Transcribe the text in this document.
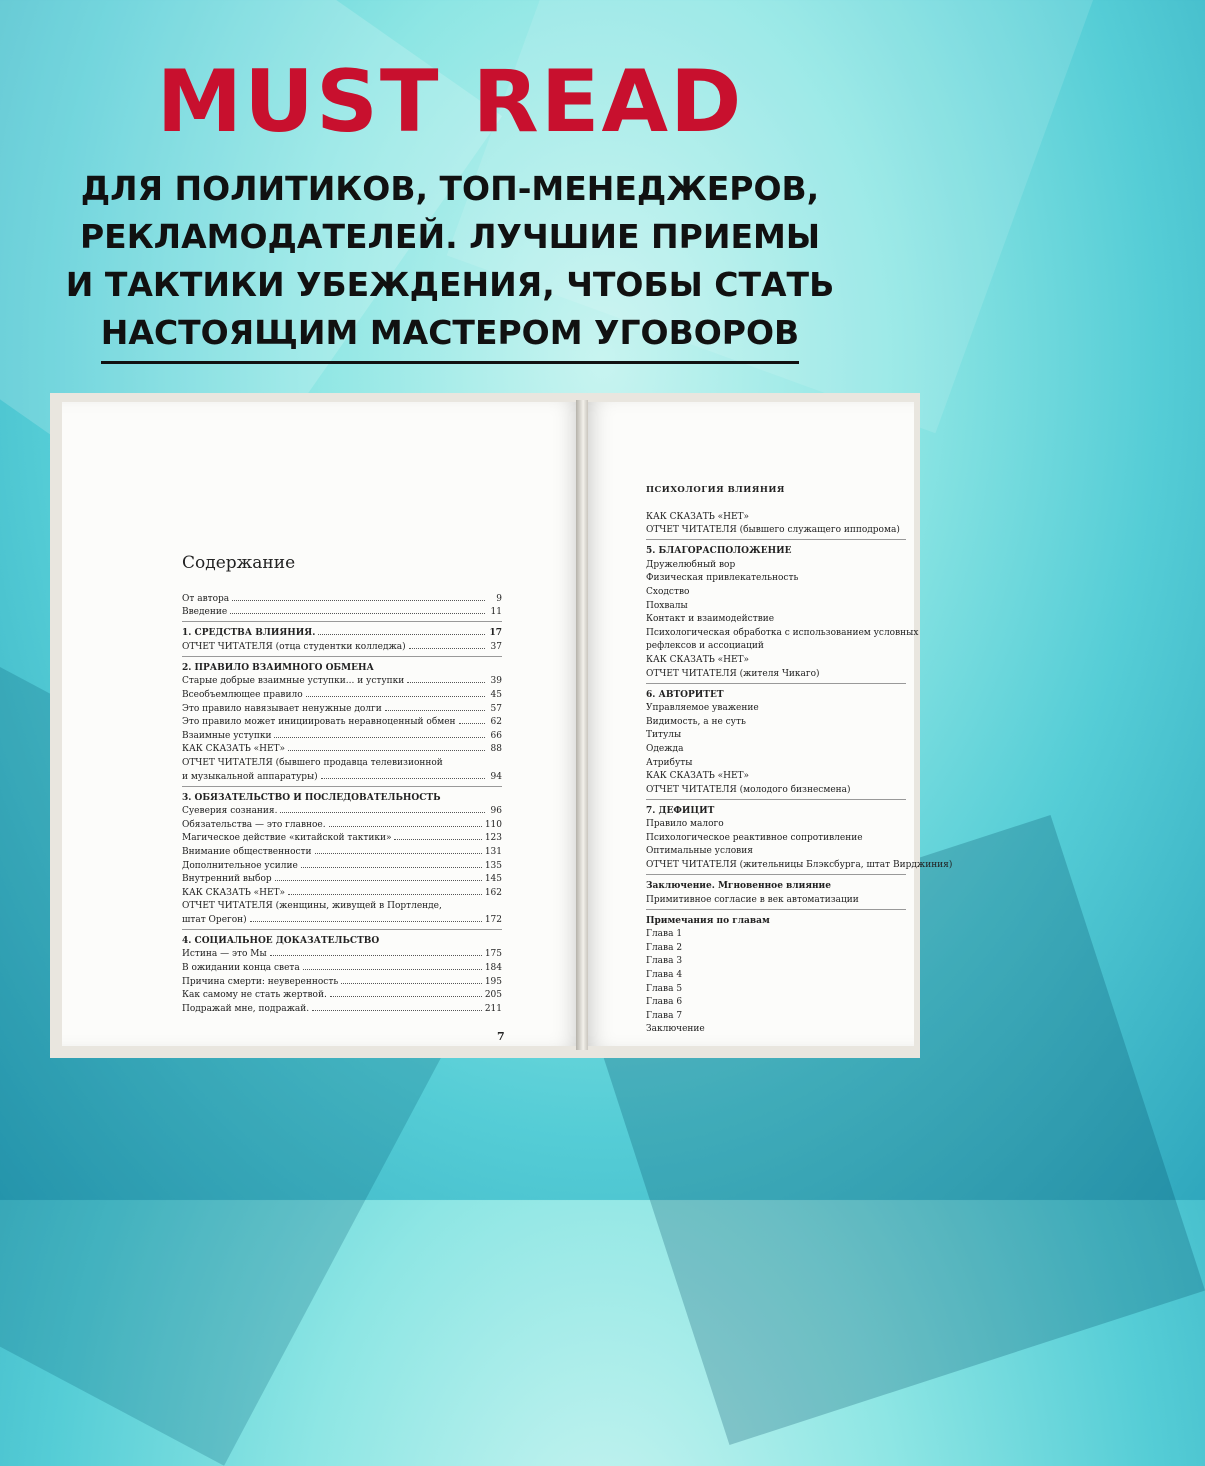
MUST READ
ДЛЯ ПОЛИТИКОВ, ТОП-МЕНЕДЖЕРОВ,
РЕКЛАМОДАТЕЛЕЙ. ЛУЧШИЕ ПРИЕМЫ
И ТАКТИКИ УБЕЖДЕНИЯ, ЧТОБЫ СТАТЬ
НАСТОЯЩИМ МАСТЕРОМ УГОВОРОВ
Содержание
От автора	9
Введение	11
1. СРЕДСТВА ВЛИЯНИЯ.	17
ОТЧЕТ ЧИТАТЕЛЯ (отца студентки колледжа)	37
2. ПРАВИЛО ВЗАИМНОГО ОБМЕНА
Старые добрые взаимные уступки... и уступки	39
Всеобъемлющее правило	45
Это правило навязывает ненужные долги	57
Это правило может инициировать неравноценный обмен	62
Взаимные уступки	66
КАК СКАЗАТЬ «НЕТ»	88
ОТЧЕТ ЧИТАТЕЛЯ (бывшего продавца телевизионной
и музыкальной аппаратуры)	94
3. ОБЯЗАТЕЛЬСТВО И ПОСЛЕДОВАТЕЛЬНОСТЬ
Суеверия сознания.	96
Обязательства — это главное.	110
Магическое действие «китайской тактики»	123
Внимание общественности	131
Дополнительное усилие	135
Внутренний выбор	145
КАК СКАЗАТЬ «НЕТ»	162
ОТЧЕТ ЧИТАТЕЛЯ (женщины, живущей в Портленде,
штат Орегон)	172
4. СОЦИАЛЬНОЕ ДОКАЗАТЕЛЬСТВО
Истина — это Мы	175
В ожидании конца света	184
Причина смерти: неуверенность	195
Как самому не стать жертвой.	205
Подражай мне, подражай.	211
7
ПСИХОЛОГИЯ ВЛИЯНИЯ
КАК СКАЗАТЬ «НЕТ»
ОТЧЕТ ЧИТАТЕЛЯ (бывшего служащего ипподрома)
5. БЛАГОРАСПОЛОЖЕНИЕ
Дружелюбный вор
Физическая привлекательность
Сходство
Похвалы
Контакт и взаимодействие
Психологическая обработка с использованием условных
рефлексов и ассоциаций
КАК СКАЗАТЬ «НЕТ»
ОТЧЕТ ЧИТАТЕЛЯ (жителя Чикаго)
6. АВТОРИТЕТ
Управляемое уважение
Видимость, а не суть
Титулы
Одежда
Атрибуты
КАК СКАЗАТЬ «НЕТ»
ОТЧЕТ ЧИТАТЕЛЯ (молодого бизнесмена)
7. ДЕФИЦИТ
Правило малого
Психологическое реактивное сопротивление
Оптимальные условия
ОТЧЕТ ЧИТАТЕЛЯ (жительницы Блэксбурга, штат Вирджиния)
Заключение. Мгновенное влияние
Примитивное согласие в век автоматизации
Примечания по главам
Глава 1
Глава 2
Глава 3
Глава 4
Глава 5
Глава 6
Глава 7
Заключение
